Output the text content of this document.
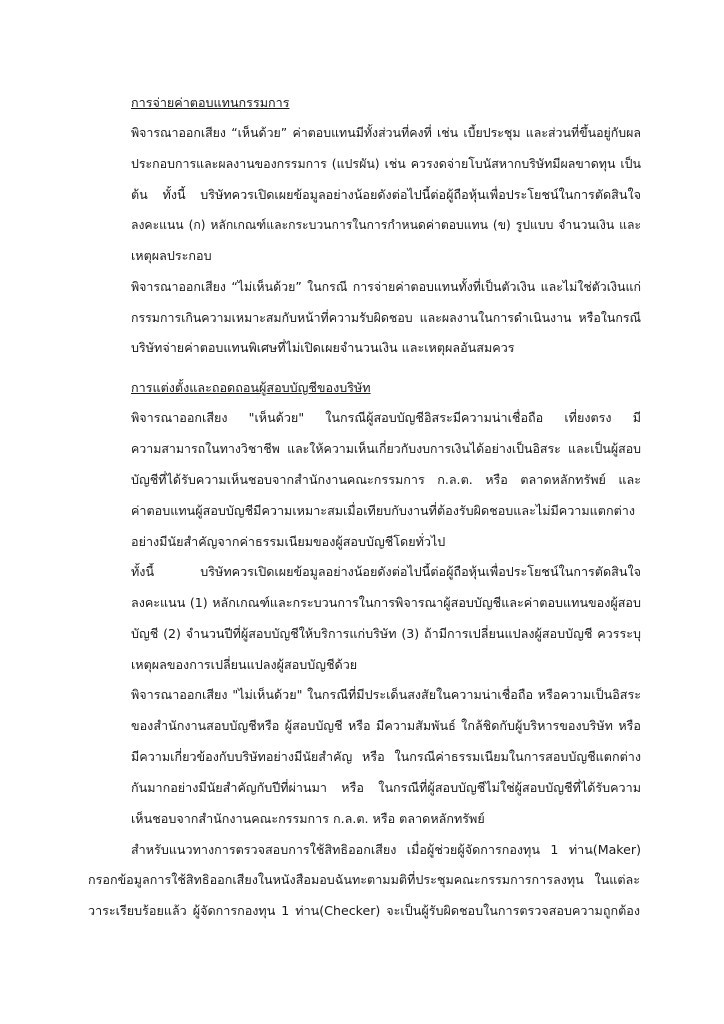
การจ่ายค่าตอบแทนกรรมการ
พิจารณาออกเสียง “เห็นด้วย” ค่าตอบแทนมีทั้งส่วนที่คงที่ เช่น เบี้ยประชุม และส่วนที่ขึ้นอยู่กับผล
ประกอบการและผลงานของกรรมการ (แปรผัน) เช่น ควรงดจ่ายโบนัสหากบริษัทมีผลขาดทุน เป็น
ต้น ทั้งนี้ บริษัทควรเปิดเผยข้อมูลอย่างน้อยดังต่อไปนี้ต่อผู้ถือหุ้นเพื่อประโยชน์ในการตัดสินใจ
ลงคะแนน (ก) หลักเกณฑ์และกระบวนการในการกำหนดค่าตอบแทน (ข) รูปแบบ จำนวนเงิน และ
เหตุผลประกอบ
พิจารณาออกเสียง “ไม่เห็นด้วย” ในกรณี การจ่ายค่าตอบแทนทั้งที่เป็นตัวเงิน และไม่ใช่ตัวเงินแก่
กรรมการเกินความเหมาะสมกับหน้าที่ความรับผิดชอบ และผลงานในการดำเนินงาน หรือในกรณี
บริษัทจ่ายค่าตอบแทนพิเศษที่ไม่เปิดเผยจำนวนเงิน และเหตุผลอันสมควร
การแต่งตั้งและถอดถอนผู้สอบบัญชีของบริษัท
พิจารณาออกเสียง "เห็นด้วย" ในกรณีผู้สอบบัญชีอิสระมีความน่าเชื่อถือ เที่ยงตรง มี
ความสามารถในทางวิชาชีพ และให้ความเห็นเกี่ยวกับงบการเงินได้อย่างเป็นอิสระ และเป็นผู้สอบ
บัญชีที่ได้รับความเห็นชอบจากสำนักงานคณะกรรมการ ก.ล.ต. หรือ ตลาดหลักทรัพย์ และ
ค่าตอบแทนผู้สอบบัญชีมีความเหมาะสมเมื่อเทียบกับงานที่ต้องรับผิดชอบและไม่มีความแตกต่าง
อย่างมีนัยสำคัญจากค่าธรรมเนียมของผู้สอบบัญชีโดยทั่วไป
ทั้งนี้ บริษัทควรเปิดเผยข้อมูลอย่างน้อยดังต่อไปนี้ต่อผู้ถือหุ้นเพื่อประโยชน์ในการตัดสินใจ
ลงคะแนน (1) หลักเกณฑ์และกระบวนการในการพิจารณาผู้สอบบัญชีและค่าตอบแทนของผู้สอบ
บัญชี (2) จำนวนปีที่ผู้สอบบัญชีให้บริการแก่บริษัท (3) ถ้ามีการเปลี่ยนแปลงผู้สอบบัญชี ควรระบุ
เหตุผลของการเปลี่ยนแปลงผู้สอบบัญชีด้วย
พิจารณาออกเสียง "ไม่เห็นด้วย" ในกรณีที่มีประเด็นสงสัยในความน่าเชื่อถือ หรือความเป็นอิสระ
ของสำนักงานสอบบัญชีหรือ ผู้สอบบัญชี หรือ มีความสัมพันธ์ ใกล้ชิดกับผู้บริหารของบริษัท หรือ
มีความเกี่ยวข้องกับบริษัทอย่างมีนัยสำคัญ หรือ ในกรณีค่าธรรมเนียมในการสอบบัญชีแตกต่าง
กันมากอย่างมีนัยสำคัญกับปีที่ผ่านมา หรือ ในกรณีที่ผู้สอบบัญชีไม่ใช่ผู้สอบบัญชีที่ได้รับความ
เห็นชอบจากสำนักงานคณะกรรมการ ก.ล.ต. หรือ ตลาดหลักทรัพย์
สำหรับแนวทางการตรวจสอบการใช้สิทธิออกเสียง เมื่อผู้ช่วยผู้จัดการกองทุน 1 ท่าน(Maker)
กรอกข้อมูลการใช้สิทธิออกเสียงในหนังสือมอบฉันทะตามมติที่ประชุมคณะกรรมการการลงทุน ในแต่ละ
วาระเรียบร้อยแล้ว ผู้จัดการกองทุน 1 ท่าน(Checker) จะเป็นผู้รับผิดชอบในการตรวจสอบความถูกต้อง
